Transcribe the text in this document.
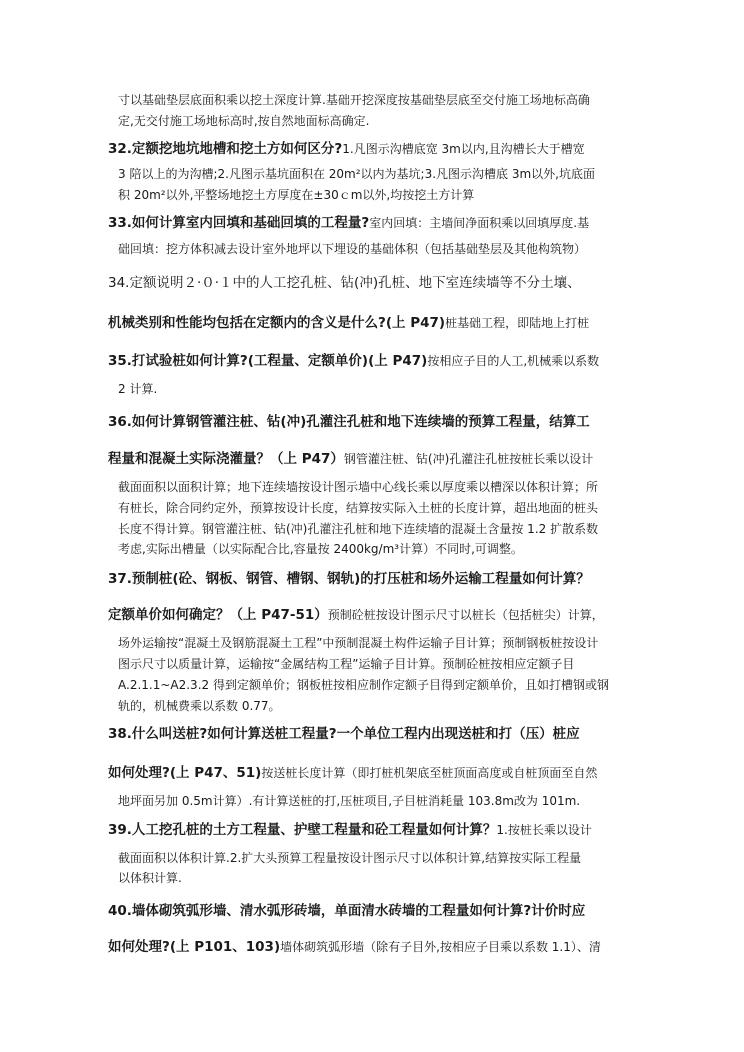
寸以基础垫层底面积乘以挖土深度计算.基础开挖深度按基础垫层底至交付施工场地标高确
定,无交付施工场地标高时,按自然地面标高确定.
32.定额挖地坑地槽和挖土方如何区分?1.凡图示沟槽底宽 3m以内,且沟槽长大于槽宽
3 陪以上的为沟槽;2.凡图示基坑面积在 20m²以内为基坑;3.凡图示沟槽底 3m以外,坑底面
积 20m²以外,平整场地挖土方厚度在±30ｃm以外,均按挖土方计算
33.如何计算室内回填和基础回填的工程量?室内回填：主墙间净面积乘以回填厚度.基
础回填：挖方体积减去设计室外地坪以下埋设的基础体积（包括基础垫层及其他构筑物）
34.定额说明２·０·１中的人工挖孔桩、钻(冲)孔桩、地下室连续墙等不分土壤、
机械类别和性能均包括在定额内的含义是什么?(上 P47)桩基础工程，即陆地上打桩
35.打试验桩如何计算?(工程量、定额单价)(上 P47)按相应子目的人工,机械乘以系数
2 计算.
36.如何计算钢管灌注桩、钻(冲)孔灌注孔桩和地下连续墙的预算工程量，结算工
程量和混凝土实际浇灌量？（上 P47）钢管灌注桩、钻(冲)孔灌注孔桩按桩长乘以设计
截面面积以面积计算；地下连续墙按设计图示墙中心线长乘以厚度乘以槽深以体积计算；所
有桩长，除合同约定外，预算按设计长度，结算按实际入土桩的长度计算，超出地面的桩头
长度不得计算。钢管灌注桩、钻(冲)孔灌注孔桩和地下连续墙的混凝土含量按 1.2 扩散系数
考虑,实际出槽量（以实际配合比,容量按 2400kg/m³计算）不同时,可调整。
37.预制桩(砼、钢板、钢管、槽钢、钢轨)的打压桩和场外运输工程量如何计算？
定额单价如何确定？（上 P47-51）预制砼桩按设计图示尺寸以桩长（包括桩尖）计算，
场外运输按“混凝土及钢筋混凝土工程”中预制混凝土构件运输子目计算；预制钢板桩按设计
图示尺寸以质量计算，运输按“金属结构工程”运输子目计算。预制砼桩按相应定额子目
A.2.1.1~A2.3.2 得到定额单价；钢板桩按相应制作定额子目得到定额单价，且如打槽钢或钢
轨的，机械费乘以系数 0.77。
38.什么叫送桩?如何计算送桩工程量?一个单位工程内出现送桩和打（压）桩应
如何处理?(上 P47、51)按送桩长度计算（即打桩机架底至桩顶面高度或自桩顶面至自然
地坪面另加 0.5m计算）.有计算送桩的打,压桩项目,子目桩消耗量 103.8m改为 101m.
39.人工挖孔桩的土方工程量、护壁工程量和砼工程量如何计算？1.按桩长乘以设计
截面面积以体积计算.2.扩大头预算工程量按设计图示尺寸以体积计算,结算按实际工程量
以体积计算.
40.墙体砌筑弧形墙、清水弧形砖墙，单面清水砖墙的工程量如何计算?计价时应
如何处理?(上 P101、103)墙体砌筑弧形墙（除有子目外,按相应子目乘以系数 1.1）、清
